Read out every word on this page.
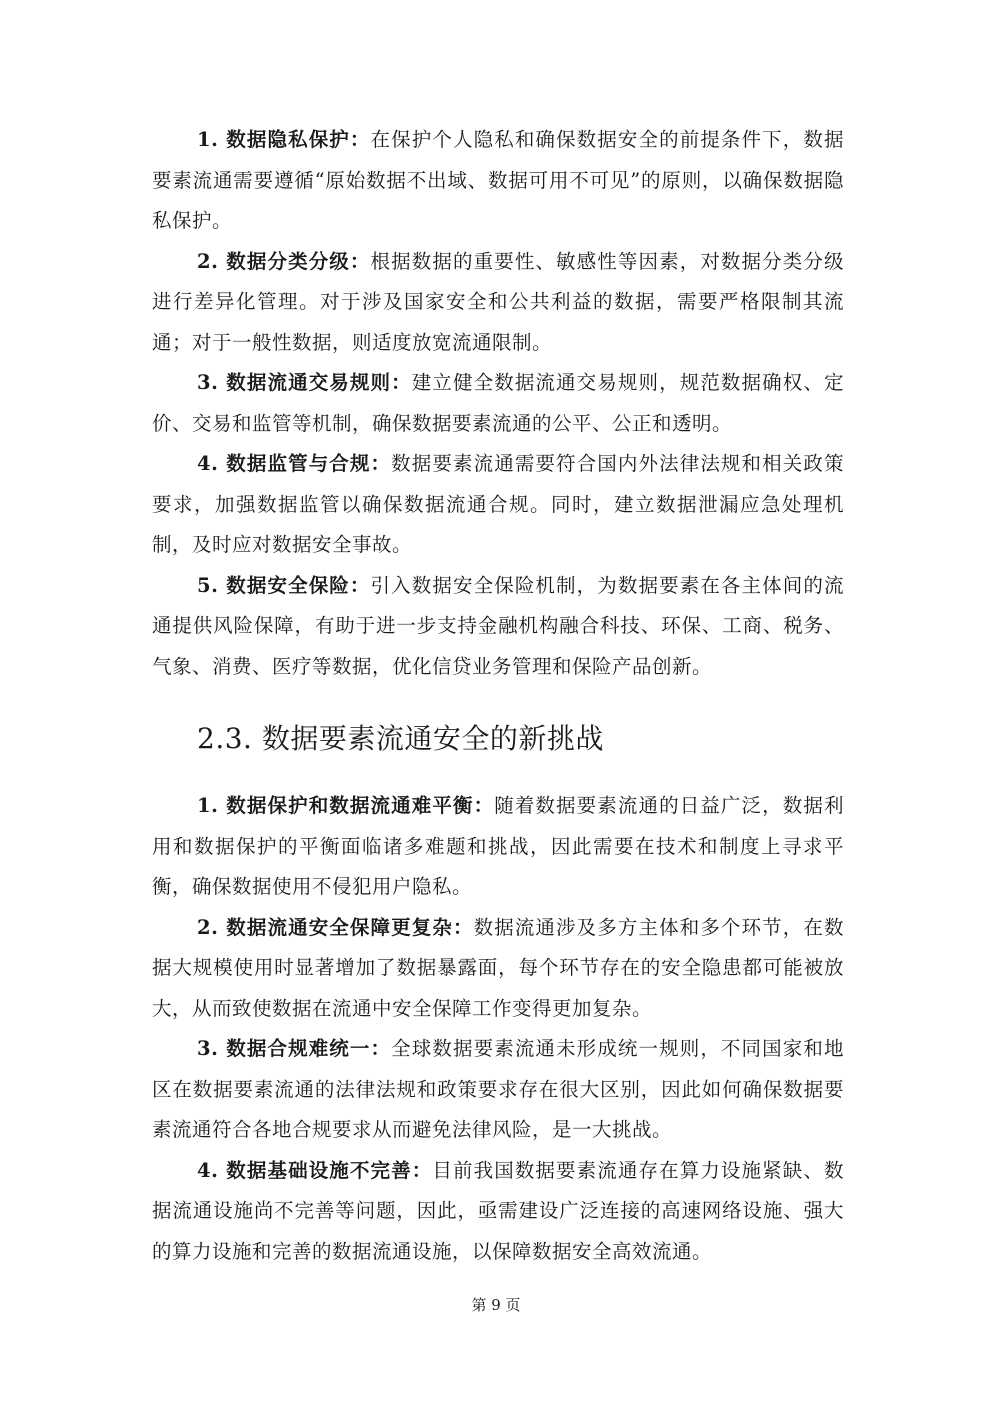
1. 数据隐私保护：在保护个人隐私和确保数据安全的前提条件下，数据要素流通需要遵循“原始数据不出域、数据可用不可见”的原则，以确保数据隐私保护。

2. 数据分类分级：根据数据的重要性、敏感性等因素，对数据分类分级进行差异化管理。对于涉及国家安全和公共利益的数据，需要严格限制其流通；对于一般性数据，则适度放宽流通限制。

3. 数据流通交易规则：建立健全数据流通交易规则，规范数据确权、定价、交易和监管等机制，确保数据要素流通的公平、公正和透明。

4. 数据监管与合规：数据要素流通需要符合国内外法律法规和相关政策要求，加强数据监管以确保数据流通合规。同时，建立数据泄漏应急处理机制，及时应对数据安全事故。

5. 数据安全保险：引入数据安全保险机制，为数据要素在各主体间的流通提供风险保障，有助于进一步支持金融机构融合科技、环保、工商、税务、气象、消费、医疗等数据，优化信贷业务管理和保险产品创新。

2.3. 数据要素流通安全的新挑战

1. 数据保护和数据流通难平衡：随着数据要素流通的日益广泛，数据利用和数据保护的平衡面临诸多难题和挑战，因此需要在技术和制度上寻求平衡，确保数据使用不侵犯用户隐私。

2. 数据流通安全保障更复杂：数据流通涉及多方主体和多个环节，在数据大规模使用时显著增加了数据暴露面，每个环节存在的安全隐患都可能被放大，从而致使数据在流通中安全保障工作变得更加复杂。

3. 数据合规难统一：全球数据要素流通未形成统一规则，不同国家和地区在数据要素流通的法律法规和政策要求存在很大区别，因此如何确保数据要素流通符合各地合规要求从而避免法律风险，是一大挑战。

4. 数据基础设施不完善：目前我国数据要素流通存在算力设施紧缺、数据流通设施尚不完善等问题，因此，亟需建设广泛连接的高速网络设施、强大的算力设施和完善的数据流通设施，以保障数据安全高效流通。

第 9 页
